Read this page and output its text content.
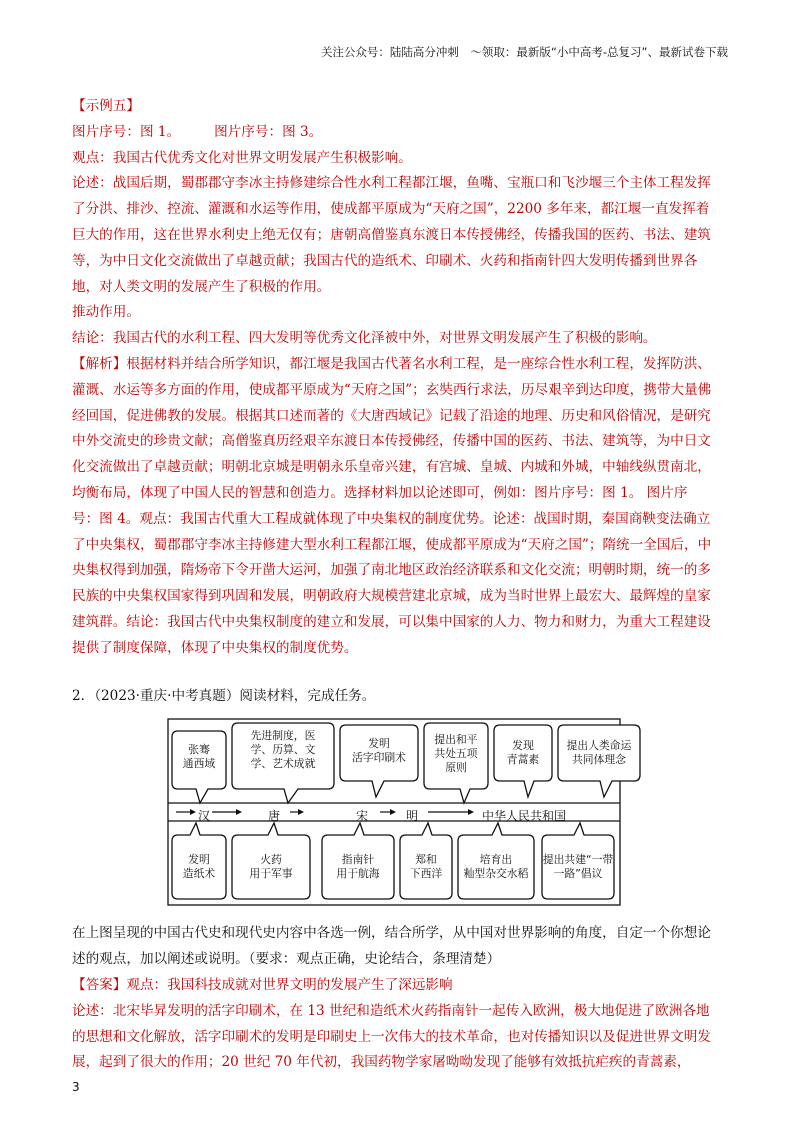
关注公众号：陆陆高分冲刺　〜领取：最新版“小中高考-总复习”、最新试卷下载

【示例五】

图片序号：图 1。　　　图片序号：图 3。

观点：我国古代优秀文化对世界文明发展产生积极影响。

论述：战国后期，蜀郡郡守李冰主持修建综合性水利工程都江堰，鱼嘴、宝瓶口和飞沙堰三个主体工程发挥了分洪、排沙、控流、灌溉和水运等作用，使成都平原成为“天府之国”，2200 多年来，都江堰一直发挥着巨大的作用，这在世界水利史上绝无仅有；唐朝高僧鉴真东渡日本传授佛经，传播我国的医药、书法、建筑等，为中日文化交流做出了卓越贡献；我国古代的造纸术、印刷术、火药和指南针四大发明传播到世界各地，对人类文明的发展产生了积极的作用。

推动作用。

结论：我国古代的水利工程、四大发明等优秀文化泽被中外，对世界文明发展产生了积极的影响。

【解析】根据材料并结合所学知识，都江堰是我国古代著名水利工程，是一座综合性水利工程，发挥防洪、灌溉、水运等多方面的作用，使成都平原成为“天府之国”；玄奘西行求法，历尽艰辛到达印度，携带大量佛经回国，促进佛教的发展。根据其口述而著的《大唐西域记》记载了沿途的地理、历史和风俗情况，是研究中外交流史的珍贵文献；高僧鉴真历经艰辛东渡日本传授佛经，传播中国的医药、书法、建筑等，为中日文化交流做出了卓越贡献；明朝北京城是明朝永乐皇帝兴建，有宫城、皇城、内城和外城，中轴线纵贯南北，均衡布局，体现了中国人民的智慧和创造力。选择材料加以论述即可，例如：图片序号：图 1。 图片序号：图 4。观点：我国古代重大工程成就体现了中央集权的制度优势。论述：战国时期，秦国商鞅变法确立了中央集权，蜀郡郡守李冰主持修建大型水利工程都江堰，使成都平原成为“天府之国”；隋统一全国后，中央集权得到加强，隋炀帝下令开凿大运河，加强了南北地区政治经济联系和文化交流；明朝时期，统一的多民族的中央集权国家得到巩固和发展，明朝政府大规模营建北京城，成为当时世界上最宏大、最辉煌的皇家建筑群。结论：我国古代中央集权制度的建立和发展，可以集中国家的人力、物力和财力，为重大工程建设提供了制度保障，体现了中央集权的制度优势。

2．（2023·重庆·中考真题）阅读材料，完成任务。

张骞
通西域
先进制度，医
学、历算、文
学、艺术成就
发明
活字印刷术
提出和平
共处五项
原则
发现
青蒿素
提出人类命运
共同体理念
汉	唐	宋	明	中华人民共和国
发明
造纸术
火药
用于军事
指南针
用于航海
郑和
下西洋
培育出
籼型杂交水稻
提出共建“一带
一路”倡议

在上图呈现的中国古代史和现代史内容中各选一例，结合所学，从中国对世界影响的角度，自定一个你想论述的观点，加以阐述或说明。（要求：观点正确，史论结合，条理清楚）

【答案】观点：我国科技成就对世界文明的发展产生了深远影响

论述：北宋毕昇发明的活字印刷术，在 13 世纪和造纸术火药指南针一起传入欧洲，极大地促进了欧洲各地的思想和文化解放，活字印刷术的发明是印刷史上一次伟大的技术革命，也对传播知识以及促进世界文明发展，起到了很大的作用；20 世纪 70 年代初，我国药物学家屠呦呦发现了能够有效抵抗疟疾的青蒿素，

3
